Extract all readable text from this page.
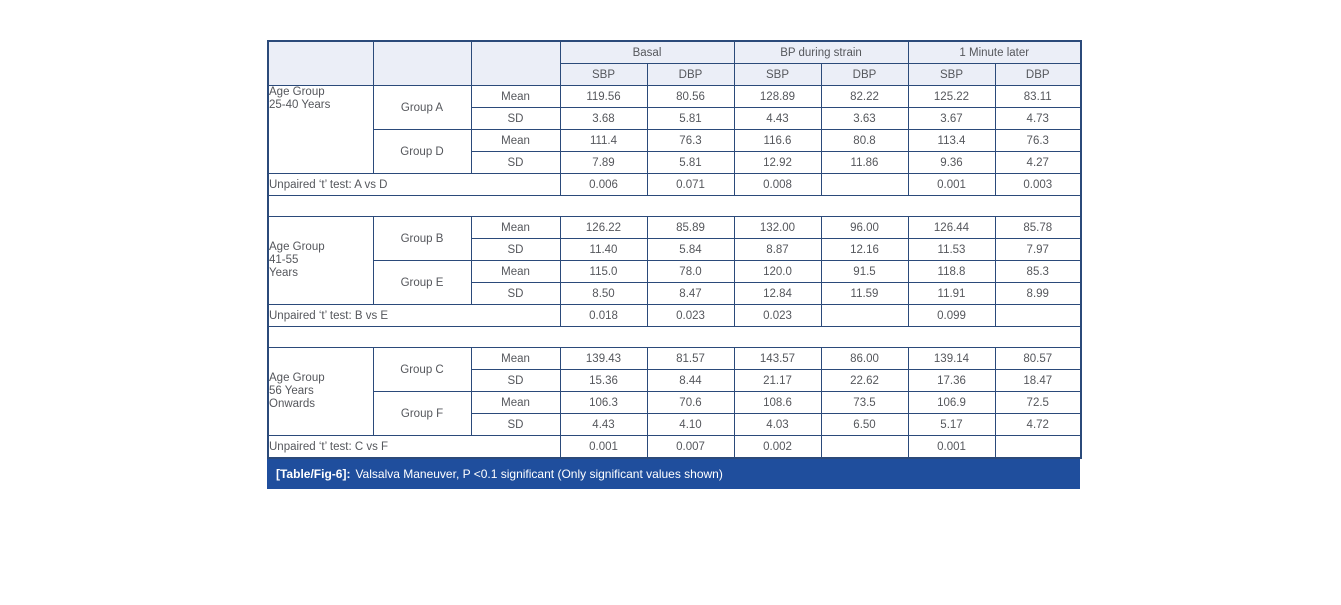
			Basal		BP during strain		1 Minute later	
			SBP	DBP	SBP	DBP	SBP	DBP

Age Group
25-40 Years	Group A	Mean	119.56	80.56	128.89	82.22	125.22	83.11
		SD	3.68	5.81	4.43	3.63	3.67	4.73
	Group D	Mean	111.4	76.3	116.6	80.8	113.4	76.3
		SD	7.89	5.81	12.92	11.86	9.36	4.27
Unpaired ‘t’ test: A vs D			0.006	0.071	0.008		0.001	0.003

Age Group
41-55
Years	Group B	Mean	126.22	85.89	132.00	96.00	126.44	85.78
		SD	11.40	5.84	8.87	12.16	11.53	7.97
	Group E	Mean	115.0	78.0	120.0	91.5	118.8	85.3
		SD	8.50	8.47	12.84	11.59	11.91	8.99
Unpaired ‘t’ test: B vs E			0.018	0.023	0.023		0.099	

Age Group
56 Years
Onwards	Group C	Mean	139.43	81.57	143.57	86.00	139.14	80.57
		SD	15.36	8.44	21.17	22.62	17.36	18.47
	Group F	Mean	106.3	70.6	108.6	73.5	106.9	72.5
		SD	4.43	4.10	4.03	6.50	5.17	4.72
Unpaired ‘t’ test: C vs F			0.001	0.007	0.002		0.001	
[Table/Fig-6]: Valsalva Maneuver, P <0.1 significant (Only significant values shown)
